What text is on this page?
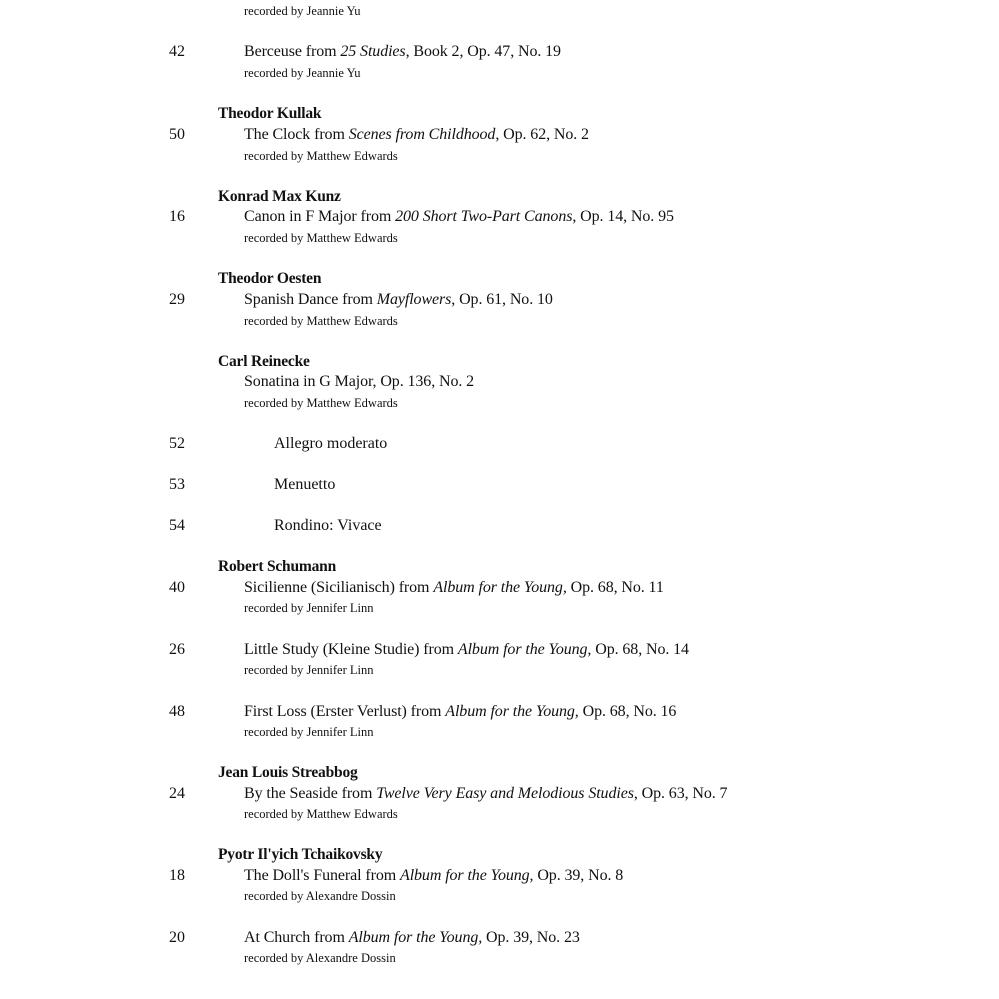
recorded by Jeannie Yu
42	Berceuse from 25 Studies, Book 2, Op. 47, No. 19
recorded by Jeannie Yu
Theodor Kullak
50	The Clock from Scenes from Childhood, Op. 62, No. 2
recorded by Matthew Edwards
Konrad Max Kunz
16	Canon in F Major from 200 Short Two-Part Canons, Op. 14, No. 95
recorded by Matthew Edwards
Theodor Oesten
29	Spanish Dance from Mayflowers, Op. 61, No. 10
recorded by Matthew Edwards
Carl Reinecke
Sonatina in G Major, Op. 136, No. 2
recorded by Matthew Edwards
52	Allegro moderato
53	Menuetto
54	Rondino: Vivace
Robert Schumann
40	Sicilienne (Sicilianisch) from Album for the Young, Op. 68, No. 11
recorded by Jennifer Linn
26	Little Study (Kleine Studie) from Album for the Young, Op. 68, No. 14
recorded by Jennifer Linn
48	First Loss (Erster Verlust) from Album for the Young, Op. 68, No. 16
recorded by Jennifer Linn
Jean Louis Streabbog
24	By the Seaside from Twelve Very Easy and Melodious Studies, Op. 63, No. 7
recorded by Matthew Edwards
Pyotr Il'yich Tchaikovsky
18	The Doll's Funeral from Album for the Young, Op. 39, No. 8
recorded by Alexandre Dossin
20	At Church from Album for the Young, Op. 39, No. 23
recorded by Alexandre Dossin
